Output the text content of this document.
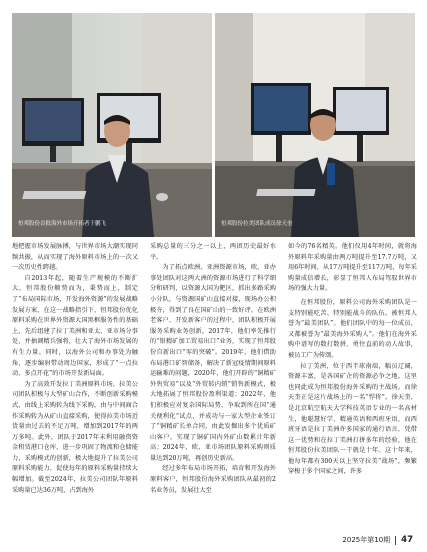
恒邦股份首批海外市场开拓者于鹏飞	恒邦股份拉美团队成员徐天奎

地把握市场发展脉搏，与世界市场大潮实现同频共振，从而实现了海外原料市场上的一次又一次历史性跨越。

自2013年起，随着生产规模的不断扩大，恒邦股份顺势而为，秉势而上，制定了“布局国际市场、开发海外资源”的发展战略发展方案，在这一战略指引下，恒邦股份优化原料采购在世界外资源大国黑框服务性的基础上，先后组建了拉丁美洲和亚太、亚市场分事处，并抽调精兵强将，壮大了海外市场发展的有生力量。同时，以海外公司和办事处为触角，逐步编射带动周边国家，形成了“一点拉动、多点开花”的市场开发新局面。

为了高效开发拉丁美洲原料市场，拉美公司团队积极与大型矿山合作，不断创新采购模式，由线上采购转为线下采购，由与中间商合作采购转为从矿山直接采购，使得拉美市场近货量由过去的不足万吨，增加到2017年的两万多吨。此外，团队于2017年末利用融资资金租赁港口仓库，进一步巩固了物流和仓储能力，采购模式的创新，极大地提升了拉美公司原料采购能力，促使每年的原料采购量持续大幅增加。截至2024年，拉美公司团队年原料采购量已达36万吨，占到海外

采购总量的三分之一以上，两团历史最好水平。

为了拓点欧洲、亚洲资源市场，欧、亚办事处团队对这两大洲的资源市场进行了科学细分和研判，以资源大国为靶区，抓出多路采购小分队，与资源国矿山直接对接，现场办公积极夯，得到了良在国矿山的一致好评。在欧洲老客户、开发新客户的过程中，团队积极开展服务采购业务创新，2017年，他们率先推行的“银精矿加工贸易出口”业务，实现了恒邦股份自新出口“零的突破”。2019年，他们借助布局港口矿智储备，解决了新冠疫情期间原料运输难的问题，2020年，他们开辟的“铜精矿外售贸易”以及“外贸转内销”销售新模式，极大地拓展了恒邦股份盈利渠道；2022年，他们积极应对复杂国际局势，争取到所在国“通关便利化”试点，并成功与一家大型企业签订了“铜精矿长单合同，由此发掘出多个优质矿山客户，实现了铜矿国内外矿山数累计年新高；2024年，欧、亚市场团队原料采购则质量达到20万吨，再创历史新高。

经过多年布局市场开拓，培育和开发海外原料客户，恒邦股份海外采购团队从最初的2名业务员，发展壮大至

如今的76名精英。他们仅用4年时间，就将海外原料年采购量由两万吨提升至17.7万吨，又用6年时间，从17万吨提升至117万吨，每年采购量成倍增长，彰显了恒邦人布局驾驭世界市场的强大力量。

在恒邦股份，原料公司海外采购团队是一支特别能吃苦、特别能战斗的队伍。被恒邦人誉为“最美团队”。他们团队中的每一位成员，又都被誉为“最美海外采购人”。他们在海外采购中谱写的数打数拼、勇往直前的动人故事，被员工广为传颂。

拉丁美洲，位于西半球南端，幅员辽阔，资源丰富，是各国矿企的资源必争之地，这里也同此成为恒邦股份海外采购的主战场。而徐天奎正是这片战场上的一名“悍将”。徐天奎，是北京航空航天大学科技英语专业的一名高材生，他聪慧好学、精通英语和西班牙语，而西班牙语是拉丁美洲许多国家的通行语言，凭借这一优势和在拉丁美洲打拼多年的经验，他在恒邦股份拉美团队一干就是十年。这十年来，他每年都有300天以上坚守拉美“战场”，频繁穿梭于多个国家之间，许多

2025年第10期 47
